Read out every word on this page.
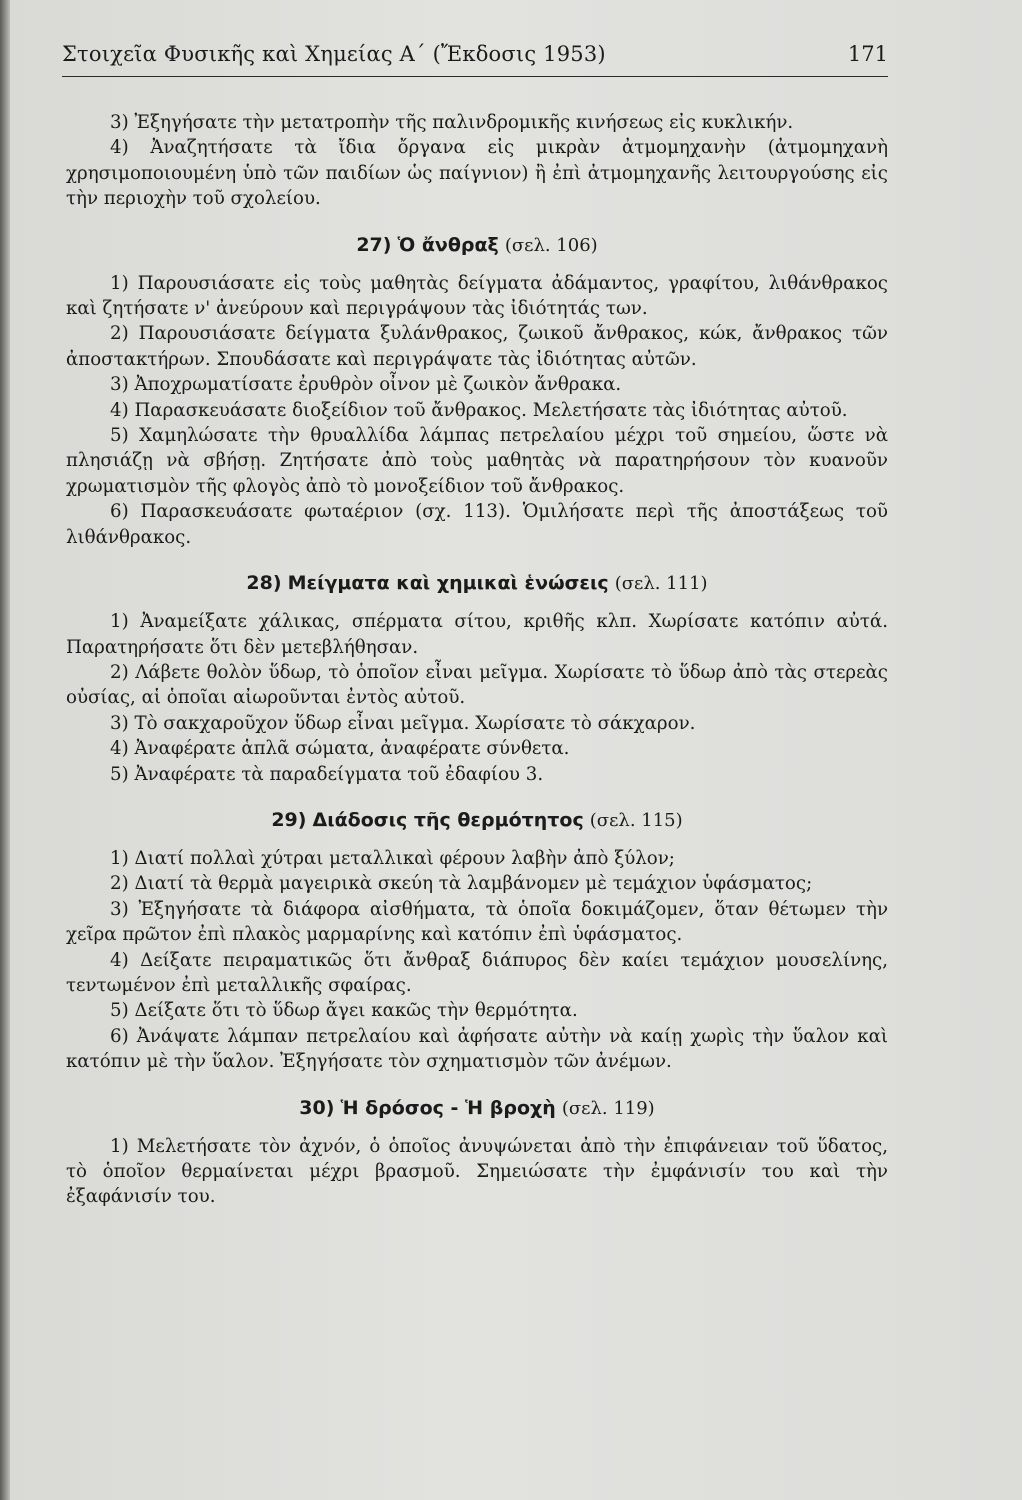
Στοιχεῖα Φυσικῆς καὶ Χημείας Α΄ (Ἔκδοσις 1953)	171

3) Ἐξηγήσατε τὴν μετατροπὴν τῆς παλινδρομικῆς κινήσεως εἰς κυκλικήν.

4) Ἀναζητήσατε τὰ ἴδια ὄργανα εἰς μικρὰν ἀτμομηχανὴν (ἀτμομηχανὴ χρησιμοποιουμένη ὑπὸ τῶν παιδίων ὡς παίγνιον) ἢ ἐπὶ ἀτμομηχανῆς λειτουργούσης εἰς τὴν περιοχὴν τοῦ σχολείου.

27) Ὁ ἄνθραξ (σελ. 106)

1) Παρουσιάσατε εἰς τοὺς μαθητὰς δείγματα ἀδάμαντος, γραφίτου, λιθάνθρακος καὶ ζητήσατε ν' ἀνεύρουν καὶ περιγράψουν τὰς ἰδιότητάς των.

2) Παρουσιάσατε δείγματα ξυλάνθρακος, ζωικοῦ ἄνθρακος, κώκ, ἄνθρακος τῶν ἀποστακτήρων. Σπουδάσατε καὶ περιγράψατε τὰς ἰδιότητας αὐτῶν.

3) Ἀποχρωματίσατε ἐρυθρὸν οἶνον μὲ ζωικὸν ἄνθρακα.

4) Παρασκευάσατε διοξείδιον τοῦ ἄνθρακος. Μελετήσατε τὰς ἰδιότητας αὐτοῦ.

5) Χαμηλώσατε τὴν θρυαλλίδα λάμπας πετρελαίου μέχρι τοῦ σημείου, ὥστε νὰ πλησιάζῃ νὰ σβήσῃ. Ζητήσατε ἀπὸ τοὺς μαθητὰς νὰ παρατηρήσουν τὸν κυανοῦν χρωματισμὸν τῆς φλογὸς ἀπὸ τὸ μονοξείδιον τοῦ ἄνθρακος.

6) Παρασκευάσατε φωταέριον (σχ. 113). Ὁμιλήσατε περὶ τῆς ἀποστάξεως τοῦ λιθάνθρακος.

28) Μείγματα καὶ χημικαὶ ἑνώσεις (σελ. 111)

1) Ἀναμείξατε χάλικας, σπέρματα σίτου, κριθῆς κλπ. Χωρίσατε κατόπιν αὐτά. Παρατηρήσατε ὅτι δὲν μετεβλήθησαν.

2) Λάβετε θολὸν ὕδωρ, τὸ ὁποῖον εἶναι μεῖγμα. Χωρίσατε τὸ ὕδωρ ἀπὸ τὰς στερεὰς οὐσίας, αἱ ὁποῖαι αἰωροῦνται ἐντὸς αὐτοῦ.

3) Τὸ σακχαροῦχον ὕδωρ εἶναι μεῖγμα. Χωρίσατε τὸ σάκχαρον.

4) Ἀναφέρατε ἁπλᾶ σώματα, ἀναφέρατε σύνθετα.

5) Ἀναφέρατε τὰ παραδείγματα τοῦ ἐδαφίου 3.

29) Διάδοσις τῆς θερμότητος (σελ. 115)

1) Διατί πολλαὶ χύτραι μεταλλικαὶ φέρουν λαβὴν ἀπὸ ξύλον;

2) Διατί τὰ θερμὰ μαγειρικὰ σκεύη τὰ λαμβάνομεν μὲ τεμάχιον ὑφάσματος;

3) Ἐξηγήσατε τὰ διάφορα αἰσθήματα, τὰ ὁποῖα δοκιμάζομεν, ὅταν θέτωμεν τὴν χεῖρα πρῶτον ἐπὶ πλακὸς μαρμαρίνης καὶ κατόπιν ἐπὶ ὑφάσματος.

4) Δείξατε πειραματικῶς ὅτι ἄνθραξ διάπυρος δὲν καίει τεμάχιον μουσελίνης, τεντωμένον ἐπὶ μεταλλικῆς σφαίρας.

5) Δείξατε ὅτι τὸ ὕδωρ ἄγει κακῶς τὴν θερμότητα.

6) Ἀνάψατε λάμπαν πετρελαίου καὶ ἀφήσατε αὐτὴν νὰ καίῃ χωρὶς τὴν ὕαλον καὶ κατόπιν μὲ τὴν ὕαλον. Ἐξηγήσατε τὸν σχηματισμὸν τῶν ἀνέμων.

30) Ἡ δρόσος - Ἡ βροχὴ (σελ. 119)

1) Μελετήσατε τὸν ἀχνόν, ὁ ὁποῖος ἀνυψώνεται ἀπὸ τὴν ἐπιφάνειαν τοῦ ὕδατος, τὸ ὁποῖον θερμαίνεται μέχρι βρασμοῦ. Σημειώσατε τὴν ἐμφάνισίν του καὶ τὴν ἐξαφάνισίν του.
